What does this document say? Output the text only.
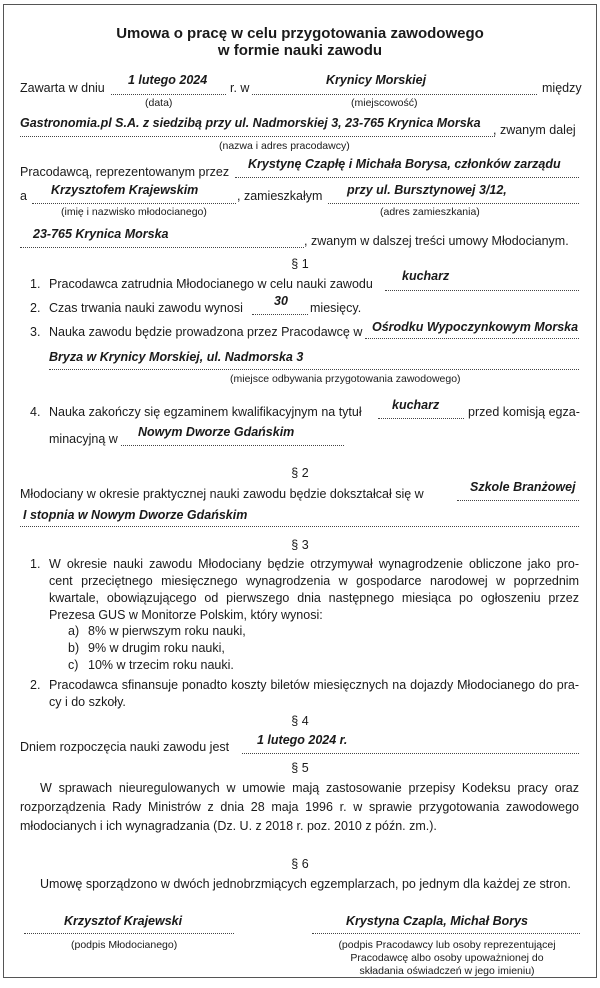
Umowa o pracę w celu przygotowania zawodowego
w formie nauki zawodu
Zawarta w dniu
1 lutego 2024
r. w
Krynicy Morskiej
między
(data)	(miejscowość)
Gastronomia.pl S.A. z siedzibą przy ul. Nadmorskiej 3, 23-765 Krynica Morska , zwanym dalej
(nazwa i adres pracodawcy)
Pracodawcą, reprezentowanym przez
Krystynę Czapłę i Michała Borysa, członków zarządu
a Krzysztofem Krajewskim	, zamieszkałym przy ul. Bursztynowej 3/12,
(imię i nazwisko młodocianego)	(adres zamieszkania)
23-765 Krynica Morska	, zwanym w dalszej treści umowy Młodocianym.
§ 1
1. Pracodawca zatrudnia Młodocianego w celu nauki zawodu
kucharz
2. Czas trwania nauki zawodu wynosi 30 miesięcy.
3. Nauka zawodu będzie prowadzona przez Pracodawcę w Ośrodku Wypoczynkowym Morska
Bryza w Krynicy Morskiej, ul. Nadmorska 3
(miejsce odbywania przygotowania zawodowego)
4. Nauka zakończy się egzaminem kwalifikacyjnym na tytuł kucharz przed komisją egza-
minacyjną w Nowym Dworze Gdańskim
§ 2
Młodociany w okresie praktycznej nauki zawodu będzie dokształcał się w	Szkole Branżowej
I stopnia w Nowym Dworze Gdańskim
§ 3
1. W okresie nauki zawodu Młodociany będzie otrzymywał wynagrodzenie obliczone jako pro-
cent przeciętnego miesięcznego wynagrodzenia w gospodarce narodowej w poprzednim
kwartale, obowiązującego od pierwszego dnia następnego miesiąca po ogłoszeniu przez
Prezesa GUS w Monitorze Polskim, który wynosi:
a) 8% w pierwszym roku nauki,
b) 9% w drugim roku nauki,
c) 10% w trzecim roku nauki.
2. Pracodawca sfinansuje ponadto koszty biletów miesięcznych na dojazdy Młodocianego do pra-
cy i do szkoły.
§ 4
Dniem rozpoczęcia nauki zawodu jest 1 lutego 2024 r.
§ 5
W sprawach nieuregulowanych w umowie mają zastosowanie przepisy Kodeksu pracy oraz
rozporządzenia Rady Ministrów z dnia 28 maja 1996 r. w sprawie przygotowania zawodowego
młodocianych i ich wynagradzania (Dz. U. z 2018 r. poz. 2010 z późn. zm.).
§ 6
Umowę sporządzono w dwóch jednobrzmiących egzemplarzach, po jednym dla każdej ze stron.
Krzysztof Krajewski
(podpis Młodocianego)
Krystyna Czapla, Michał Borys
(podpis Pracodawcy lub osoby reprezentującej
Pracodawcę albo osoby upoważnionej do
składania oświadczeń w jego imieniu)
